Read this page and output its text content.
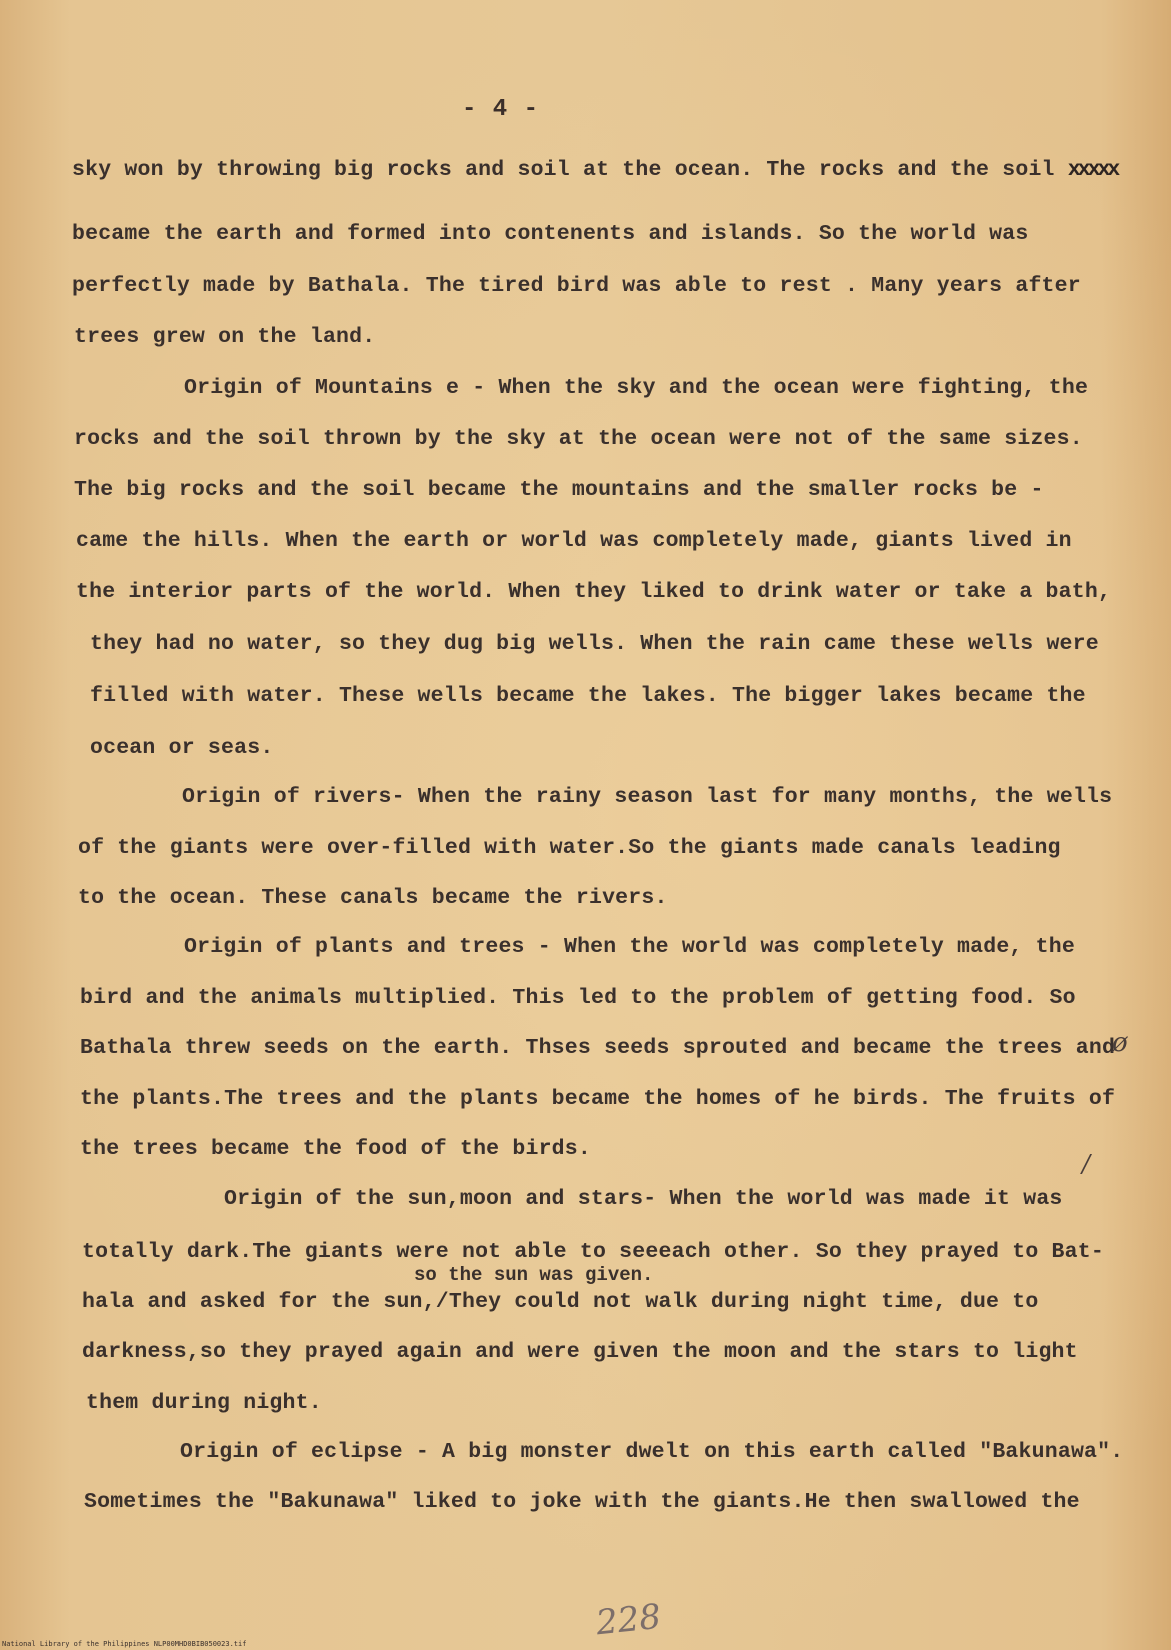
- 4 -
sky won by throwing big rocks and soil at the ocean. The rocks and the soil xxxxx
became the earth and formed into contenents and islands. So the world was
perfectly made by Bathala. The tired bird was able to rest . Many years after
trees grew on the land.
Origin of Mountains e - When the sky and the ocean were fighting, the
rocks and the soil thrown by the sky at the ocean were not of the same sizes.
The big rocks and the soil became the mountains and the smaller rocks be -
came the hills. When the earth or world was completely made, giants lived in
the interior parts of the world. When they liked to drink water or take a bath,
they had no water, so they dug big wells. When the rain came these wells were
filled with water. These wells became the lakes. The bigger lakes became the
ocean or seas.
Origin of rivers- When the rainy season last for many months, the wells
of the giants were over-filled with water.So the giants made canals leading
to the ocean. These canals became the rivers.
Origin of plants and trees - When the world was completely made, the
bird and the animals multiplied. This led to the problem of getting food. So
Bathala threw seeds on the earth. Thses seeds sprouted and became the trees and
the plants.The trees and the plants became the homes of he birds. The fruits of
the trees became the food of the birds.
Origin of the sun,moon and stars- When the world was made it was
totally dark.The giants were not able to seeeach other. So they prayed to Bat-
so the sun was given.
hala and asked for the sun,/They could not walk during night time, due to
darkness,so they prayed again and were given the moon and the stars to light
them during night.
Origin of eclipse - A big monster dwelt on this earth called "Bakunawa".
Sometimes the "Bakunawa" liked to joke with the giants.He then swallowed the
ø
/
228
National Library of the Philippines NLP00MHD0BIB050023.tif
